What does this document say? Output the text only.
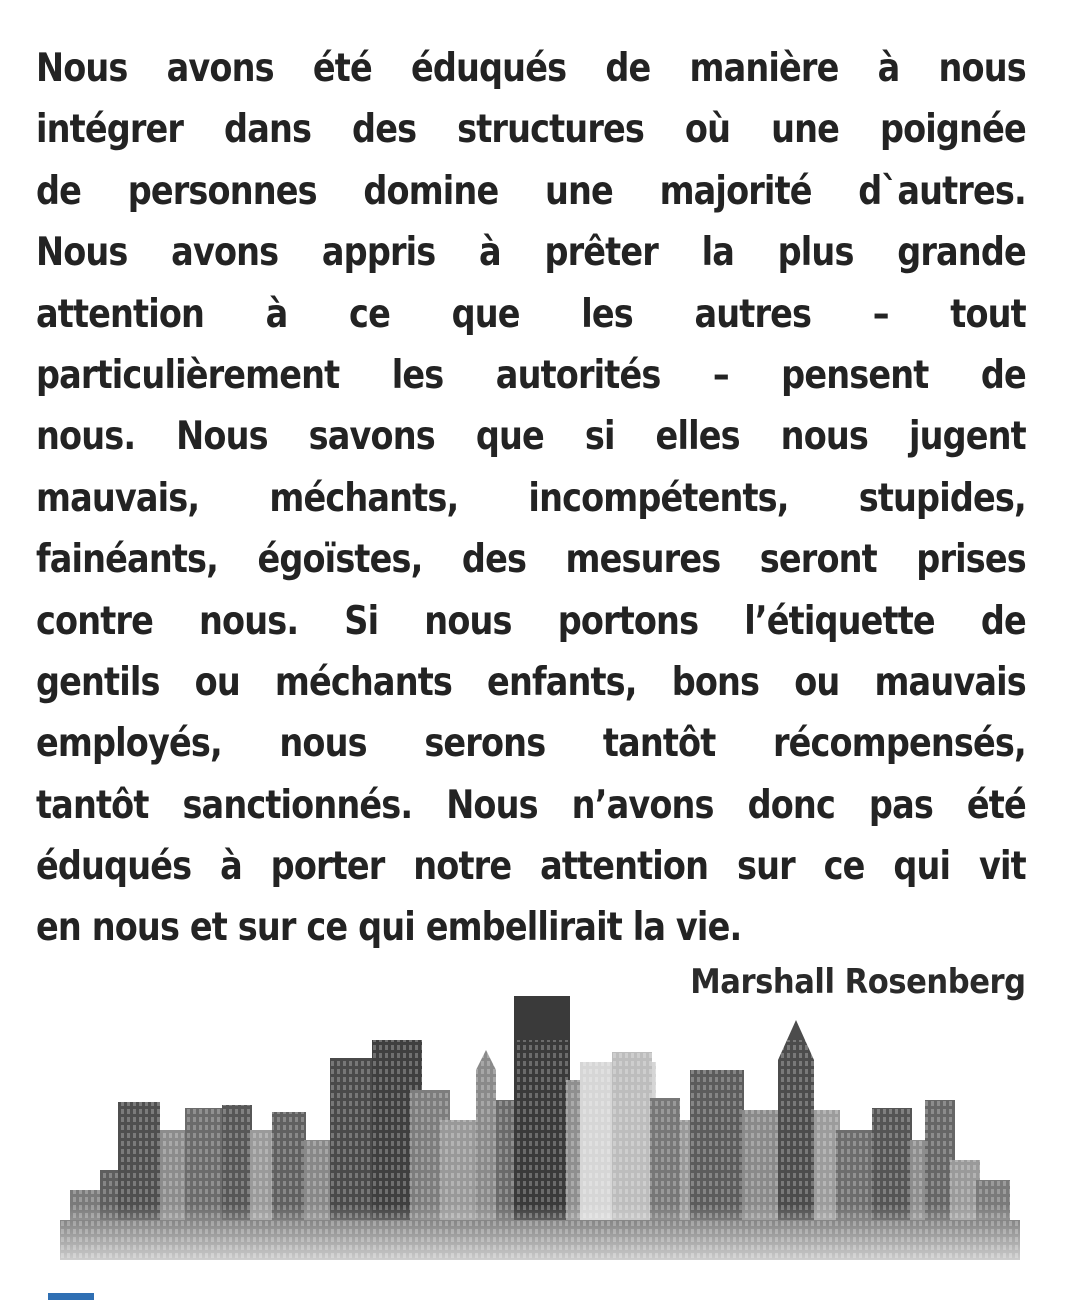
Nous avons été éduqués de manière à nous
intégrer dans des structures où une poignée
de personnes domine une majorité d`autres.
Nous avons appris à prêter la plus grande
attention à ce que les autres – tout
particulièrement les autorités – pensent de
nous. Nous savons que si elles nous jugent
mauvais, méchants, incompétents, stupides,
fainéants, égoïstes, des mesures seront prises
contre nous. Si nous portons l’étiquette de
gentils ou méchants enfants, bons ou mauvais
employés, nous serons tantôt récompensés,
tantôt sanctionnés. Nous n’avons donc pas été
éduqués à porter notre attention sur ce qui vit
en nous et sur ce qui embellirait la vie.
Marshall Rosenberg
